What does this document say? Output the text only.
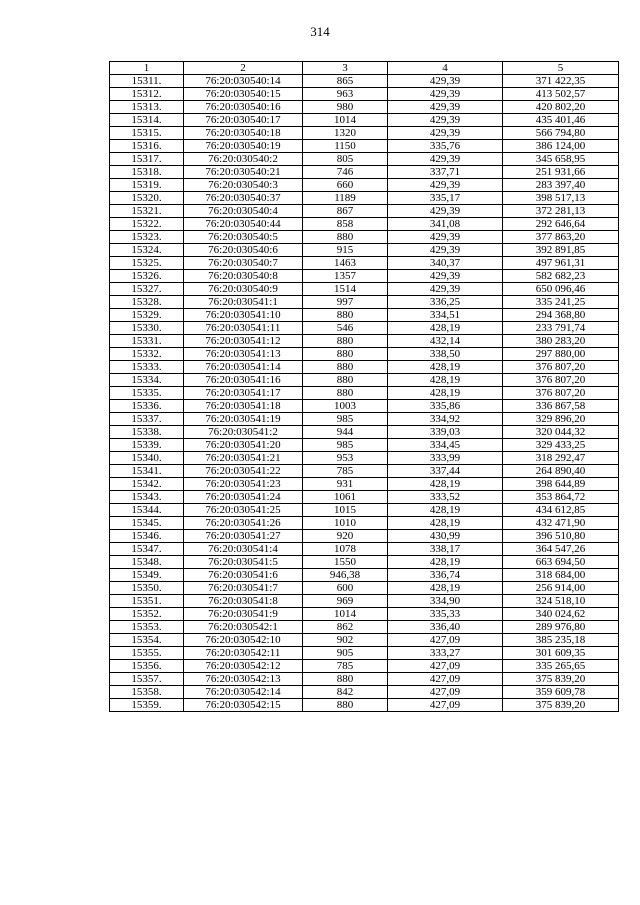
314
1	2	3	4	5
15311.	76:20:030540:14	865	429,39	371 422,35
15312.	76:20:030540:15	963	429,39	413 502,57
15313.	76:20:030540:16	980	429,39	420 802,20
15314.	76:20:030540:17	1014	429,39	435 401,46
15315.	76:20:030540:18	1320	429,39	566 794,80
15316.	76:20:030540:19	1150	335,76	386 124,00
15317.	76:20:030540:2	805	429,39	345 658,95
15318.	76:20:030540:21	746	337,71	251 931,66
15319.	76:20:030540:3	660	429,39	283 397,40
15320.	76:20:030540:37	1189	335,17	398 517,13
15321.	76:20:030540:4	867	429,39	372 281,13
15322.	76:20:030540:44	858	341,08	292 646,64
15323.	76:20:030540:5	880	429,39	377 863,20
15324.	76:20:030540:6	915	429,39	392 891,85
15325.	76:20:030540:7	1463	340,37	497 961,31
15326.	76:20:030540:8	1357	429,39	582 682,23
15327.	76:20:030540:9	1514	429,39	650 096,46
15328.	76:20:030541:1	997	336,25	335 241,25
15329.	76:20:030541:10	880	334,51	294 368,80
15330.	76:20:030541:11	546	428,19	233 791,74
15331.	76:20:030541:12	880	432,14	380 283,20
15332.	76:20:030541:13	880	338,50	297 880,00
15333.	76:20:030541:14	880	428,19	376 807,20
15334.	76:20:030541:16	880	428,19	376 807,20
15335.	76:20:030541:17	880	428,19	376 807,20
15336.	76:20:030541:18	1003	335,86	336 867,58
15337.	76:20:030541:19	985	334,92	329 896,20
15338.	76:20:030541:2	944	339,03	320 044,32
15339.	76:20:030541:20	985	334,45	329 433,25
15340.	76:20:030541:21	953	333,99	318 292,47
15341.	76:20:030541:22	785	337,44	264 890,40
15342.	76:20:030541:23	931	428,19	398 644,89
15343.	76:20:030541:24	1061	333,52	353 864,72
15344.	76:20:030541:25	1015	428,19	434 612,85
15345.	76:20:030541:26	1010	428,19	432 471,90
15346.	76:20:030541:27	920	430,99	396 510,80
15347.	76:20:030541:4	1078	338,17	364 547,26
15348.	76:20:030541:5	1550	428,19	663 694,50
15349.	76:20:030541:6	946,38	336,74	318 684,00
15350.	76:20:030541:7	600	428,19	256 914,00
15351.	76:20:030541:8	969	334,90	324 518,10
15352.	76:20:030541:9	1014	335,33	340 024,62
15353.	76:20:030542:1	862	336,40	289 976,80
15354.	76:20:030542:10	902	427,09	385 235,18
15355.	76:20:030542:11	905	333,27	301 609,35
15356.	76:20:030542:12	785	427,09	335 265,65
15357.	76:20:030542:13	880	427,09	375 839,20
15358.	76:20:030542:14	842	427,09	359 609,78
15359.	76:20:030542:15	880	427,09	375 839,20
